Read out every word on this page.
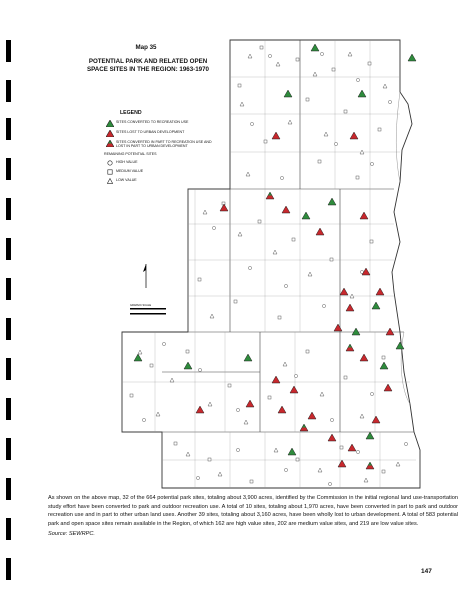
Map 35
POTENTIAL PARK AND RELATED OPEN SPACE SITES IN THE REGION: 1963-1970
LEGEND
SITES CONVERTED TO RECREATION USE
SITES LOST TO URBAN DEVELOPMENT
SITES CONVERTED IN PART TO RECREATION USE AND LOST IN PART TO URBAN DEVELOPMENT
REMAINING POTENTIAL SITES
HIGH VALUE
MEDIUM VALUE
LOW VALUE
GRAPHIC SCALE
As shown on the above map, 32 of the 664 potential park sites, totaling about 3,900 acres, identified by the Commission in the initial regional land use-transportation study effort have been converted to park and outdoor recreation use. A total of 10 sites, totaling about 1,970 acres, have been converted in part to park and outdoor recreation use and in part to other urban land uses. Another 39 sites, totaling about 3,160 acres, have been wholly lost to urban development. A total of 583 potential park and open space sites remain available in the Region, of which 162 are high value sites, 202 are medium value sites, and 219 are low value sites.
Source: SEWRPC.
147
